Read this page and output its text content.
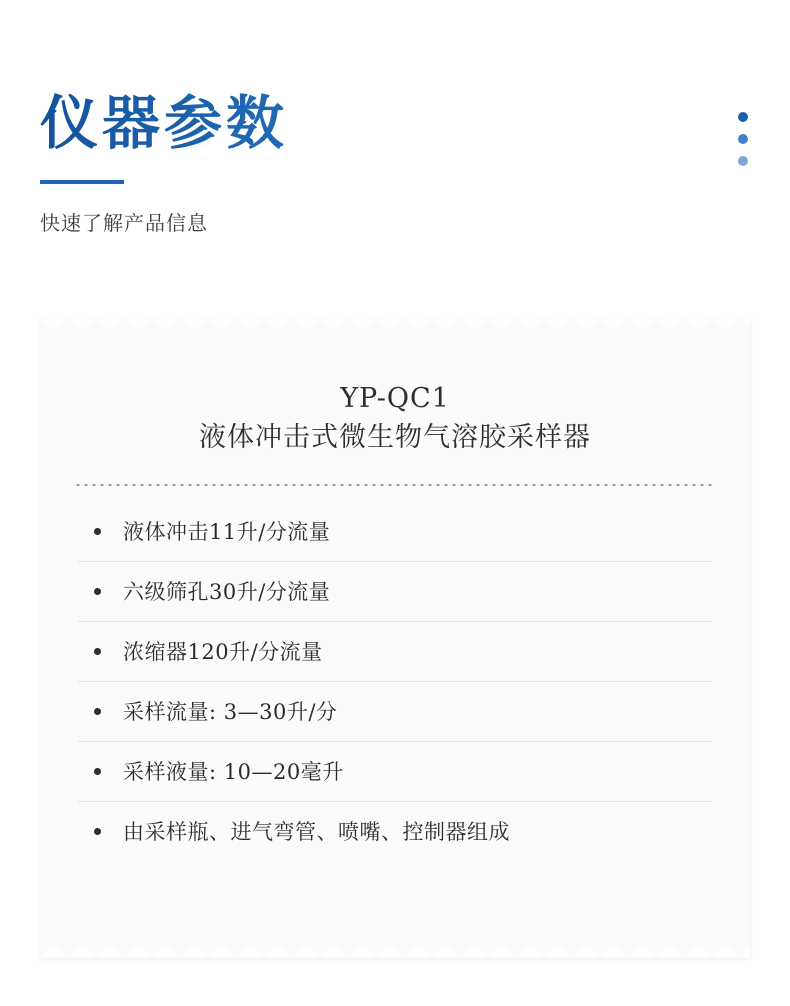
仪器参数
快速了解产品信息
YP-QC1
液体冲击式微生物气溶胶采样器
液体冲击11升/分流量
六级筛孔30升/分流量
浓缩器120升/分流量
采样流量: 3—30升/分
采样液量: 10—20毫升
由采样瓶、进气弯管、喷嘴、控制器组成
